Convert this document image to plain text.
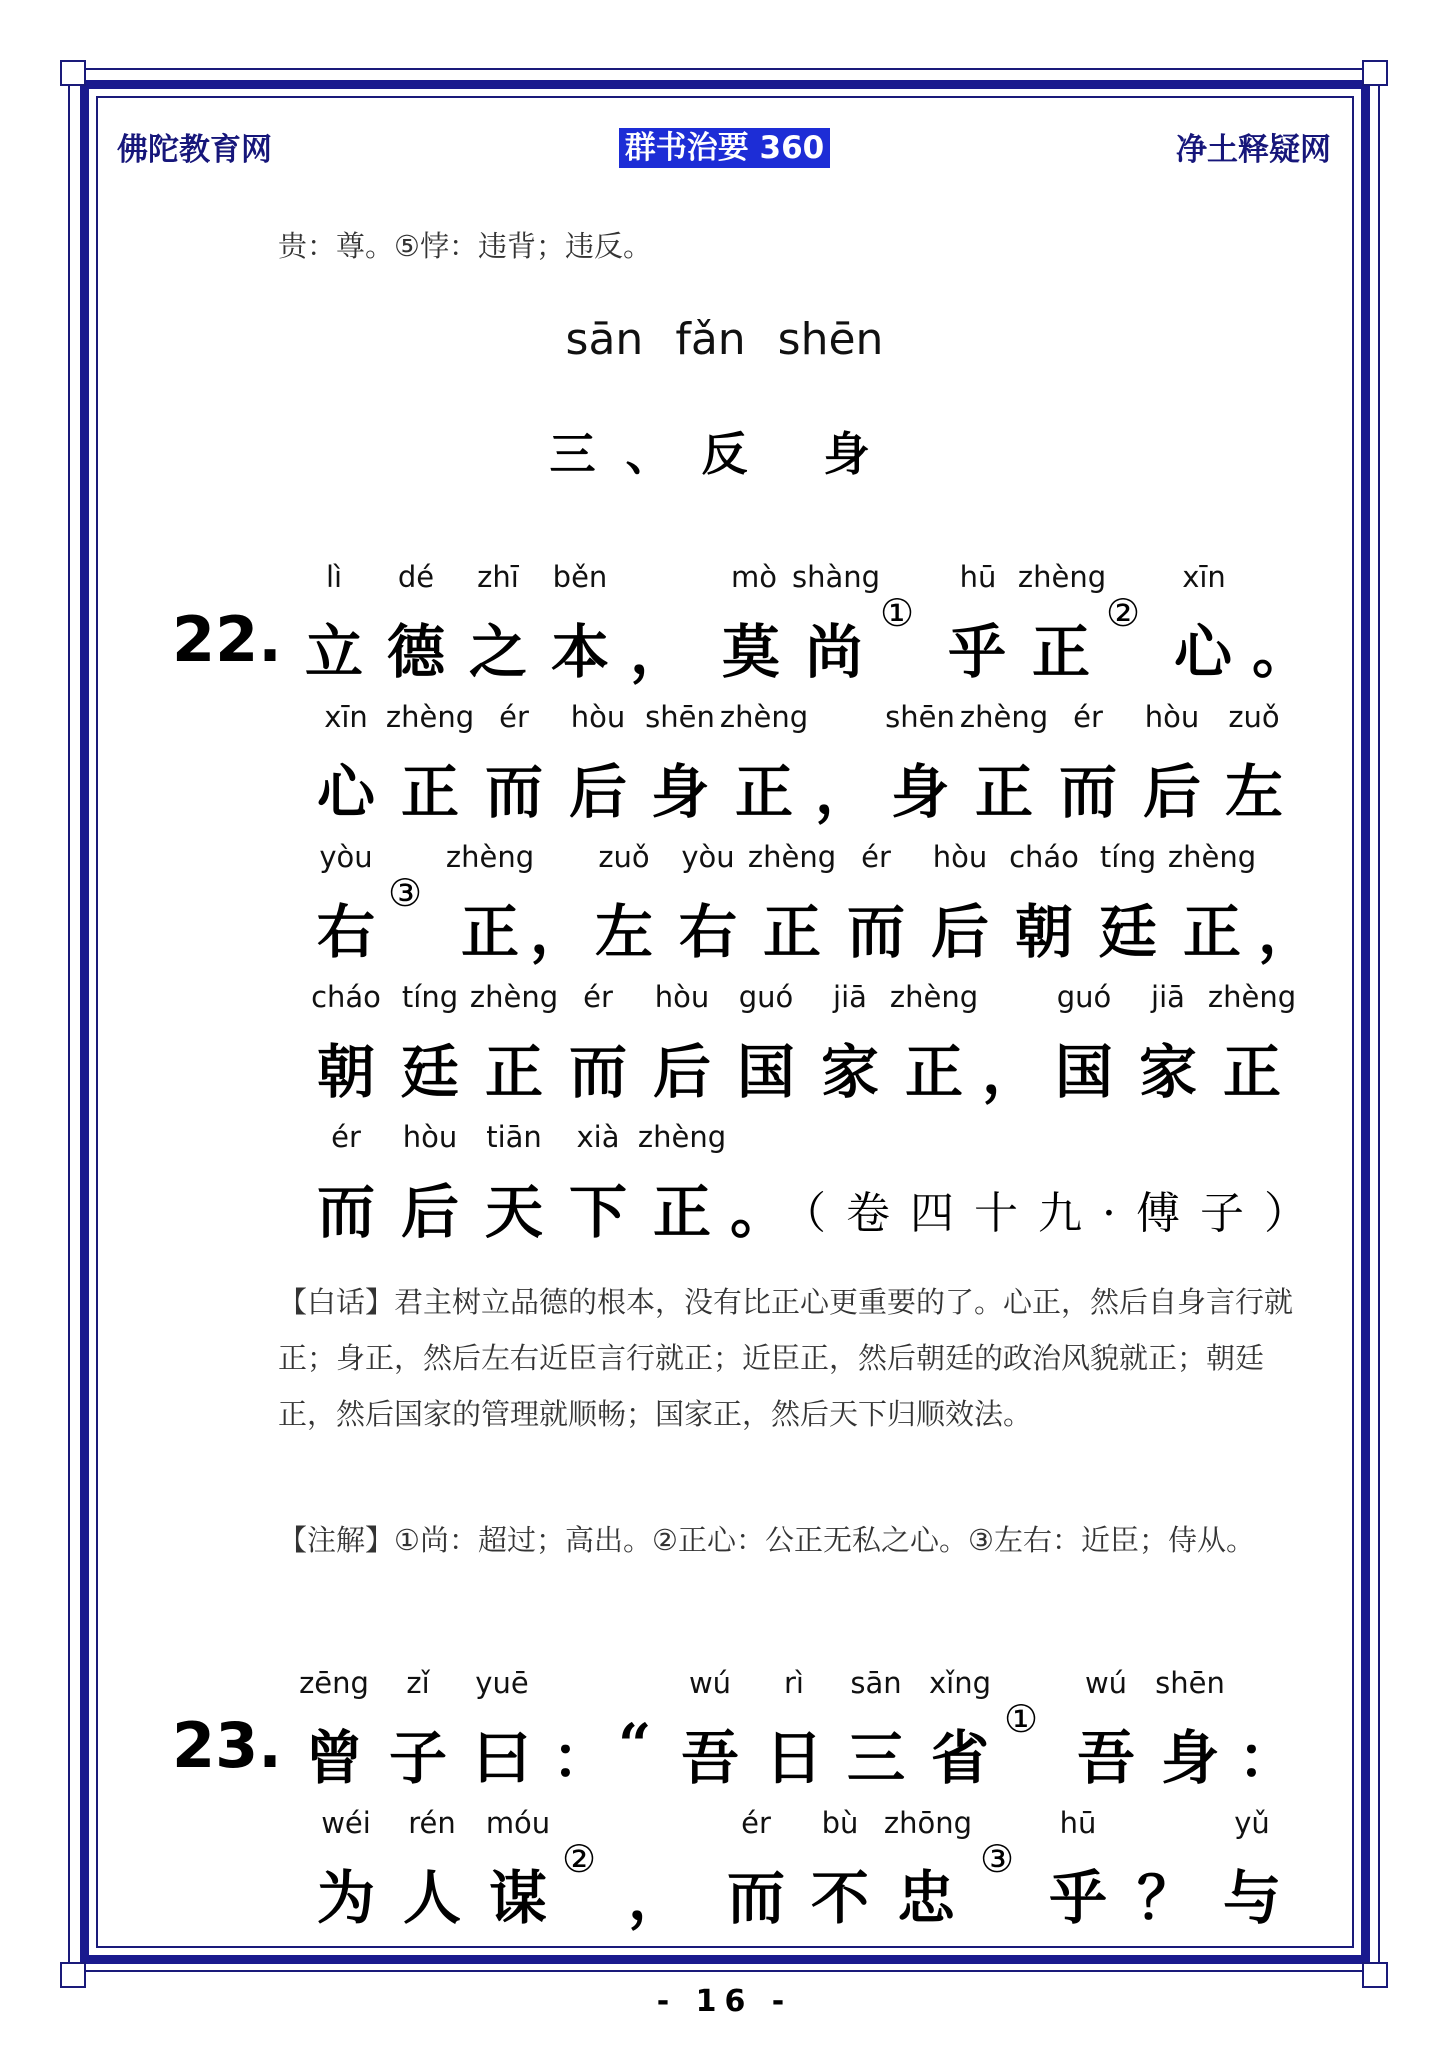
佛陀教育网	群书治要 360	净土释疑网
贵：尊。⑤悖：违背；违反。
sān fǎn shēn
三、反 身
lì dé zhī běn	mò shàng	hū zhèng	xīn
22. 立 德 之 本 ， 莫 尚
①
乎 正
②
心 。
xīn zhèng ér hòu shēn zhèng	shēn zhèng ér hòu zuǒ
心 正 而 后 身 正 ， 身 正 而 后 左
yòu	zhèng zuǒ yòu zhèng ér hòu cháo tíng zhèng
右
③
正 ， 左 右 正 而 后 朝 廷 正 ，
cháo tíng zhèng ér hòu guó jiā zhèng	guó jiā zhèng
朝 廷 正 而 后 国 家 正 ， 国 家 正
ér hòu tiān xià zhèng
而 后 天 下 正 。
（卷四十九·傅子）
【白话】君主树立品德的根本，没有比正心更重要的了。心正，然后自身言行就正；身正，然后左右近臣言行就正；近臣正，然后朝廷的政治风貌就正；朝廷正，然后国家的管理就顺畅；国家正，然后天下归顺效法。
【注解】①尚：超过；高出。②正心：公正无私之心。③左右：近臣；侍从。
zēng zǐ yuē	wú rì sān xǐng	wú shēn
23. 曾 子 曰 ： “ 吾 日 三 省
①
吾 身 ：
wéi rén móu	ér bù zhōng	hū	yǔ
为 人 谋
②
， 而 不 忠
③
乎 ？ 与
- 16 -
